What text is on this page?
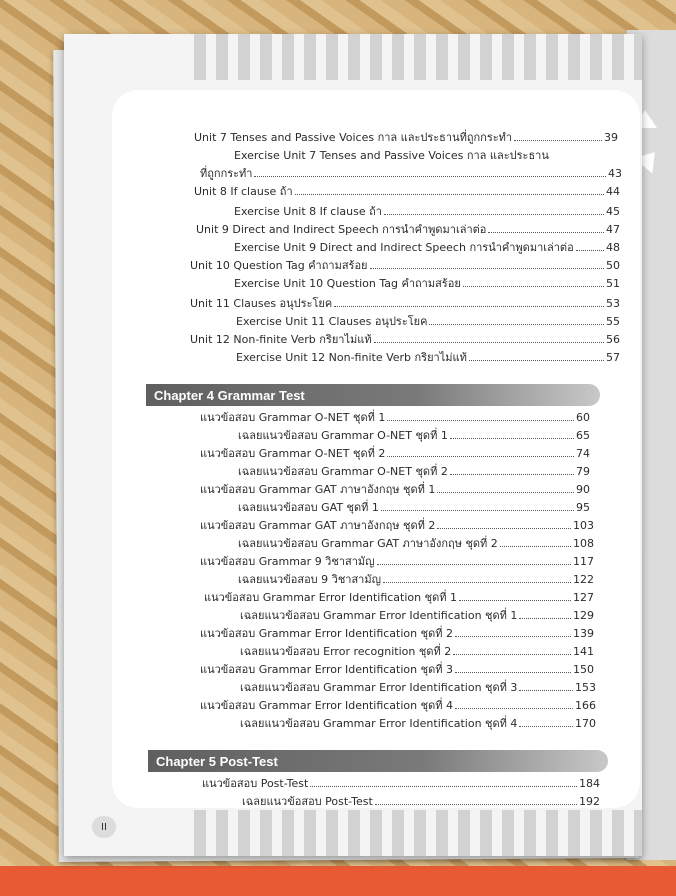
Unit 7 Tenses and Passive Voices กาล และประธานที่ถูกกระทำ	39
Exercise Unit 7 Tenses and Passive Voices กาล และประธาน
ที่ถูกกระทำ	43
Unit 8 If clause ถ้า	44
Exercise Unit 8 If clause ถ้า	45
Unit 9 Direct and Indirect Speech การนำคำพูดมาเล่าต่อ	47
Exercise Unit 9 Direct and Indirect Speech การนำคำพูดมาเล่าต่อ	48
Unit 10 Question Tag คำถามสร้อย	50
Exercise Unit 10 Question Tag คำถามสร้อย	51
Unit 11 Clauses อนุประโยค	53
Exercise Unit 11 Clauses อนุประโยค	55
Unit 12 Non-finite Verb กริยาไม่แท้	56
Exercise Unit 12 Non-finite Verb กริยาไม่แท้	57
Chapter 4 Grammar Test
แนวข้อสอบ Grammar O-NET ชุดที่ 1	60
เฉลยแนวข้อสอบ Grammar O-NET ชุดที่ 1	65
แนวข้อสอบ Grammar O-NET ชุดที่ 2	74
เฉลยแนวข้อสอบ Grammar O-NET ชุดที่ 2	79
แนวข้อสอบ Grammar GAT ภาษาอังกฤษ ชุดที่ 1	90
เฉลยแนวข้อสอบ GAT ชุดที่ 1	95
แนวข้อสอบ Grammar GAT ภาษาอังกฤษ ชุดที่ 2	103
เฉลยแนวข้อสอบ Grammar GAT ภาษาอังกฤษ ชุดที่ 2	108
แนวข้อสอบ Grammar 9 วิชาสามัญ	117
เฉลยแนวข้อสอบ 9 วิชาสามัญ	122
แนวข้อสอบ Grammar Error Identification ชุดที่ 1	127
เฉลยแนวข้อสอบ Grammar Error Identification ชุดที่ 1	129
แนวข้อสอบ Grammar Error Identification ชุดที่ 2	139
เฉลยแนวข้อสอบ Error recognition ชุดที่ 2	141
แนวข้อสอบ Grammar Error Identification ชุดที่ 3	150
เฉลยแนวข้อสอบ Grammar Error Identification ชุดที่ 3	153
แนวข้อสอบ Grammar Error Identification ชุดที่ 4	166
เฉลยแนวข้อสอบ Grammar Error Identification ชุดที่ 4	170
Chapter 5 Post-Test
แนวข้อสอบ Post-Test	184
เฉลยแนวข้อสอบ Post-Test	192
II
